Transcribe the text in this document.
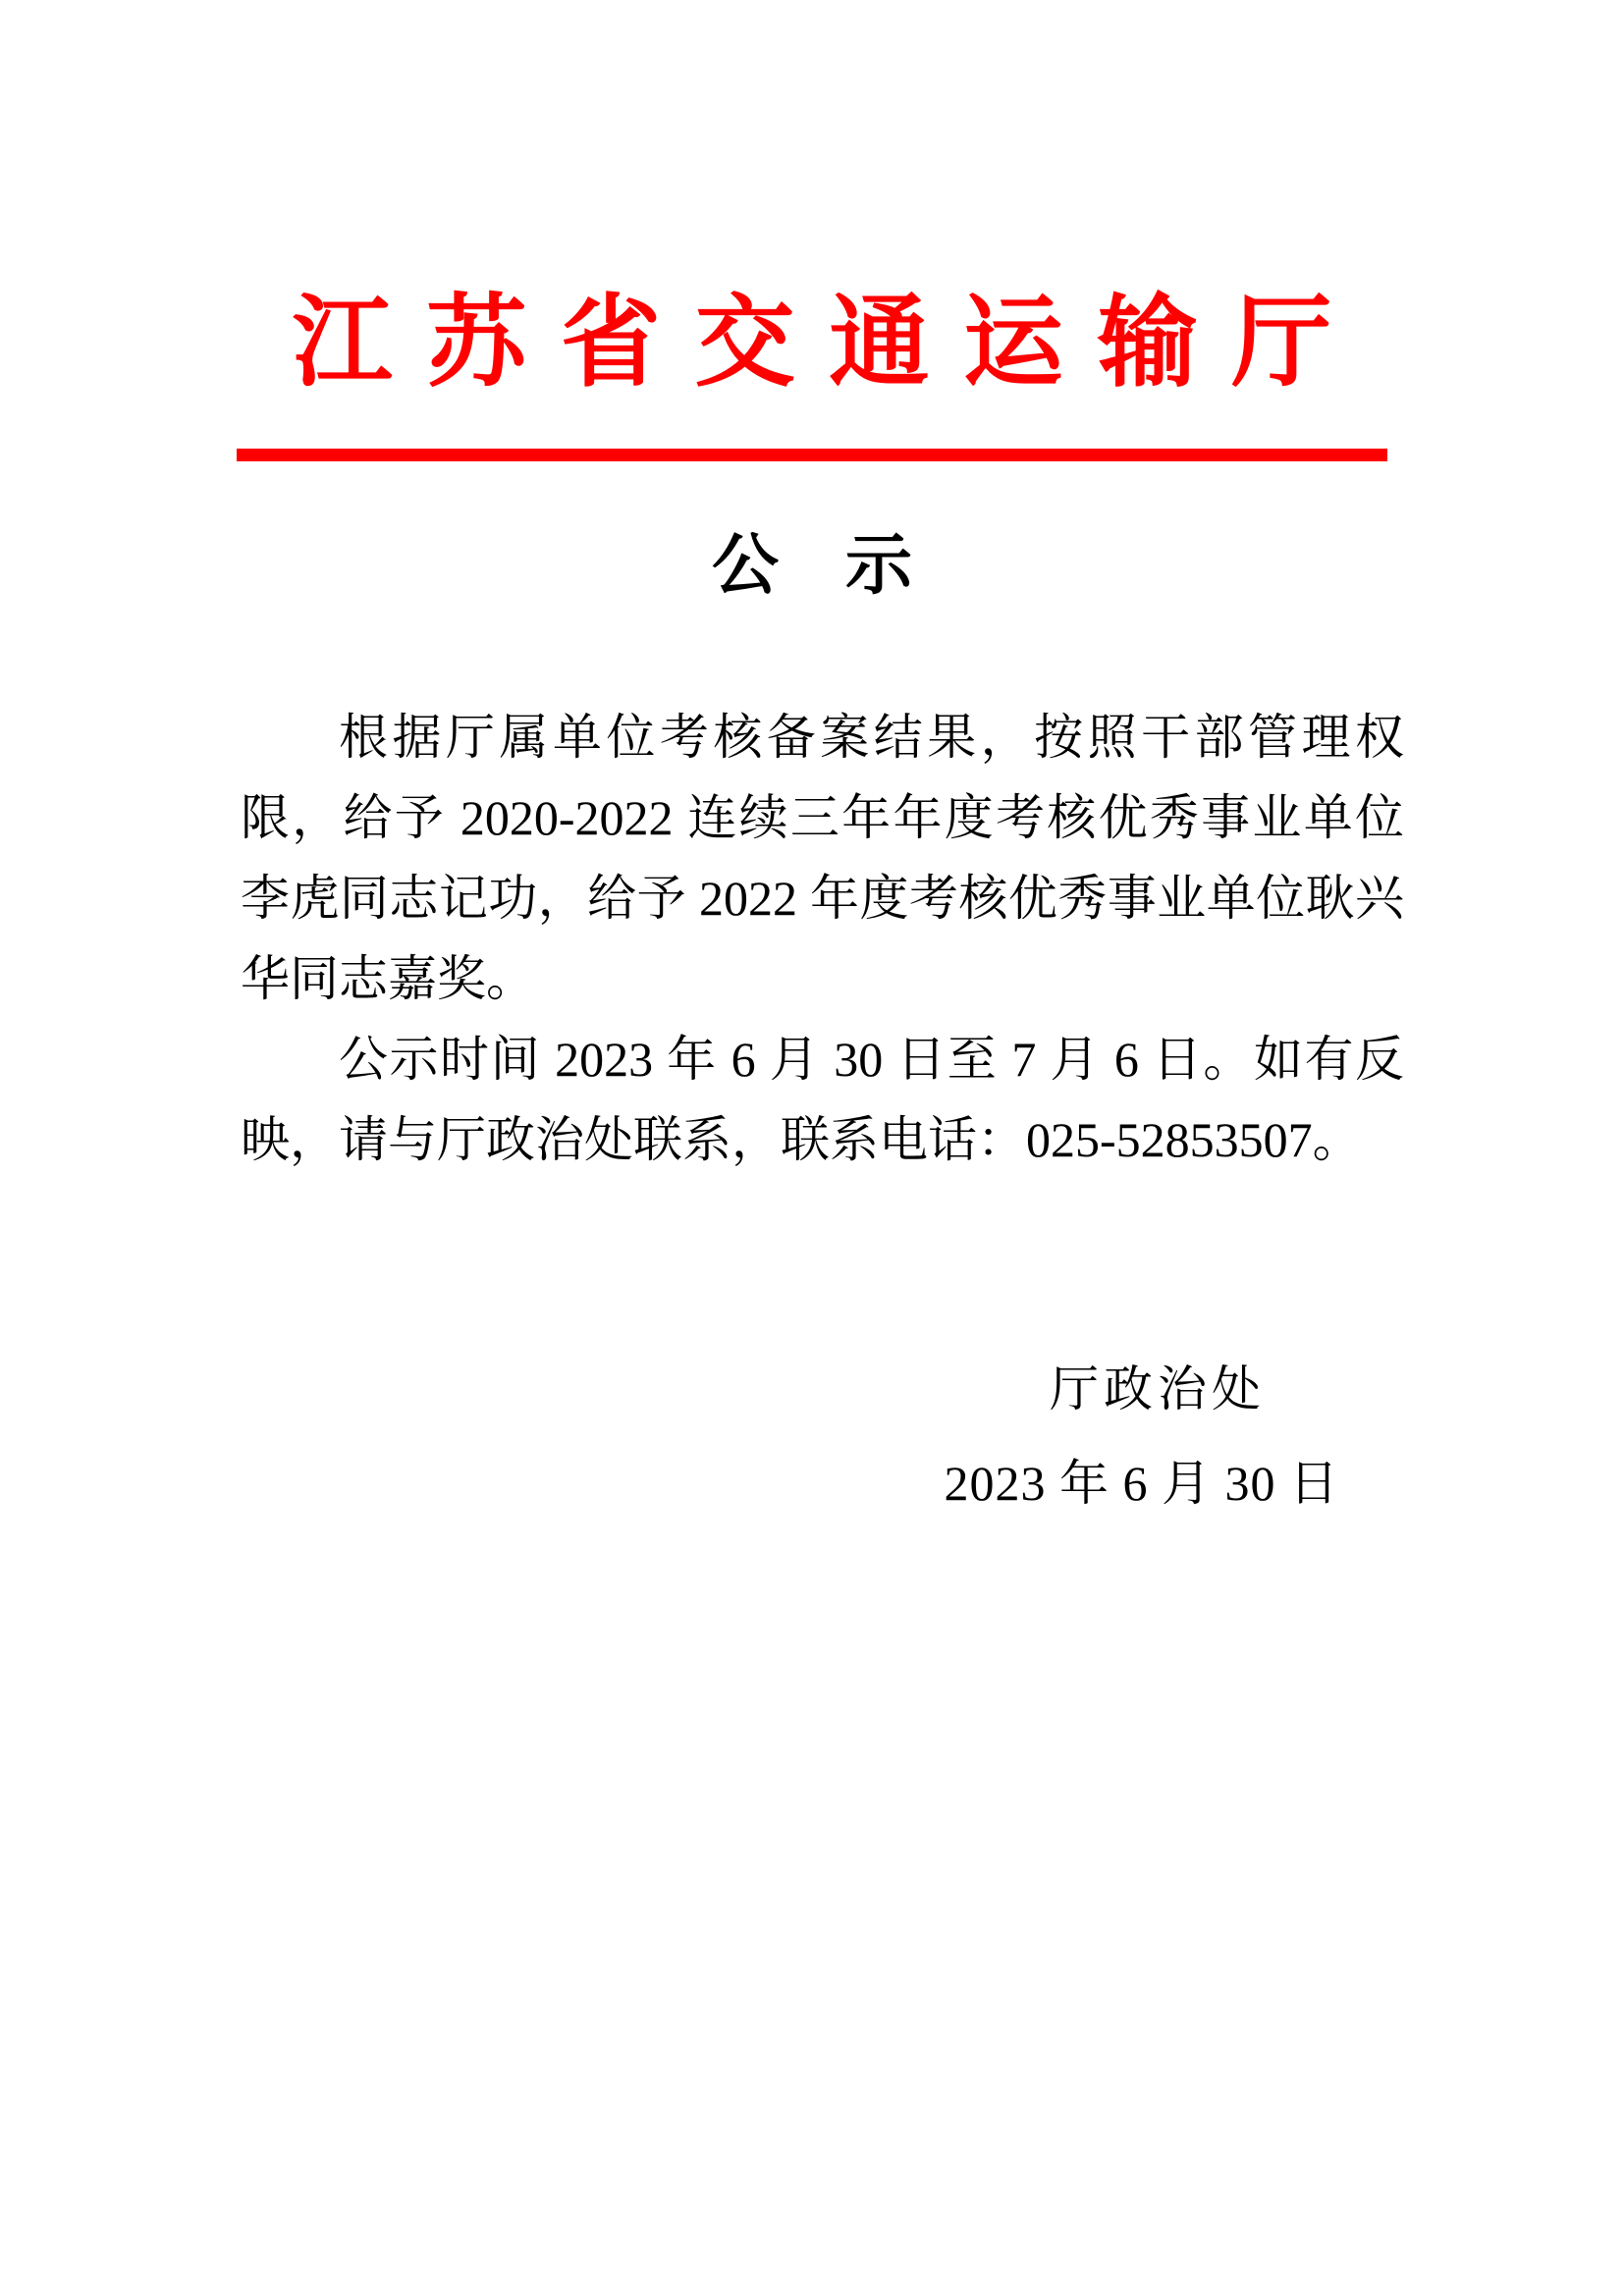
江苏省交通运输厅
公　示

根据厅属单位考核备案结果，按照干部管理权限，给予 2020-2022 连续三年年度考核优秀事业单位李虎同志记功，给予 2022 年度考核优秀事业单位耿兴华同志嘉奖。

公示时间 2023 年 6 月 30 日至 7 月 6 日。如有反映，请与厅政治处联系，联系电话：025-52853507。

厅政治处
2023 年 6 月 30 日
